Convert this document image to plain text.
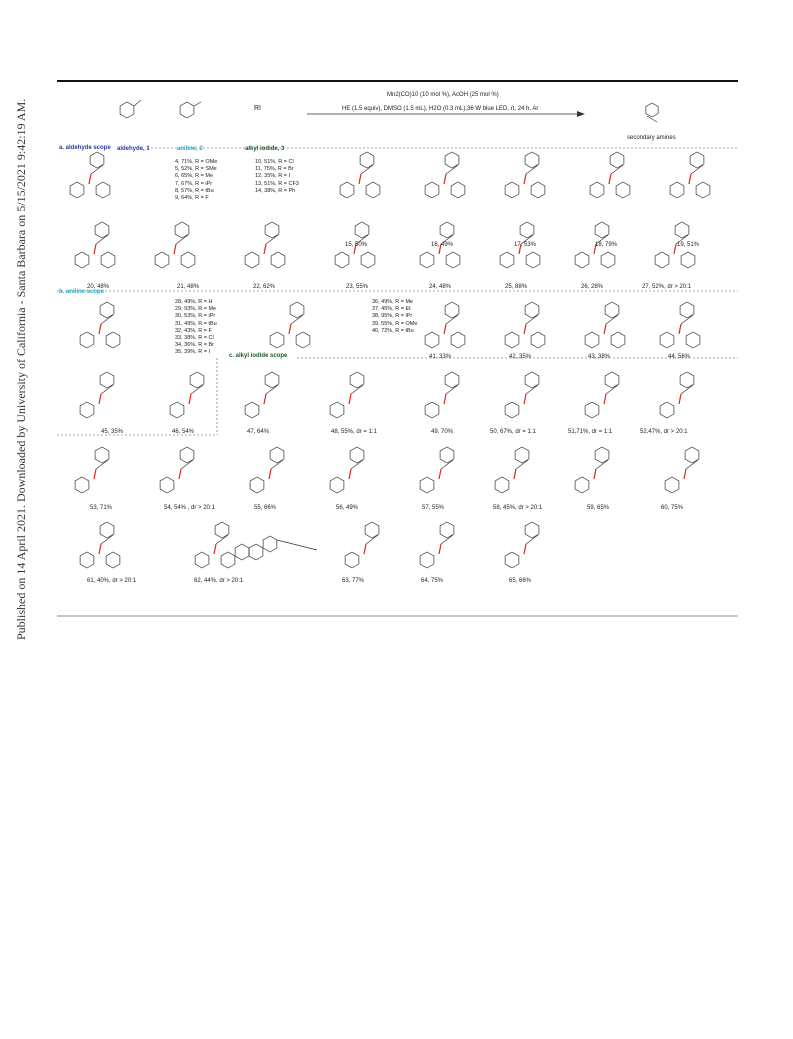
Published on 14 April 2021. Downloaded by University of California - Santa Barbara on 5/15/2021 9:42:19 AM.	aldehyde, 1	aniline, 2	alkyl iodide, 3
RI
Mn2(CO)10 (10 mol %), AcOH (25 mol %)
HE (1.5 equiv), DMSO (1.5 mL), H2O (0.3 mL),36 W blue LED, rt, 24 h, Ar
secondary amines
a. aldehyde scope
b. aniline scope
c. alkyl iodide scope
4, 71%, R = OMe
5, 52%, R = SMe
6, 65%, R = Me
7, 67%, R = iPr
8, 57%, R = tBu
9, 64%, R = F
10, 51%, R = Cl
11, 75%, R = Br
12, 35%, R = I
13, 51%, R = CF3
14, 38%, R = Ph
28, 49%, R = H
29, 93%, R = Me
30, 53%, R = iPr
31, 49%, R = tBu
32, 43%, R = F
33, 38%, R = Cl
34, 36%, R = Br
35, 39%, R = I
36, 49%, R = Me
37, 45%, R = Et
38, 95%, R = iPr
39, 55%, R = OMe
40, 72%, R = tBu
15, 50%	16, 49%	17, 53%	18, 79%	19, 51%
20, 48%	21, 48%	22, 62%	23, 55%	24, 48%	25, 88%	26, 28%	27, 52%, dr > 20:1
41, 33%	42, 35%	43, 38%	44, 56%
45, 35%	46, 54%	47, 64%	48, 55%, dr = 1:1	49, 70%	50, 67%, dr = 1:1	51,71%, dr = 1:1	52,47%, dr > 20:1
53, 71%	54, 54% , dr > 20:1	55, 66%	56, 49%	57, 55%	58, 45%, dr > 20:1	59, 65%	60, 75%
61, 40%, dr > 20:1	62, 44%, dr > 20:1	63, 77%	64, 75%	65, 66%
